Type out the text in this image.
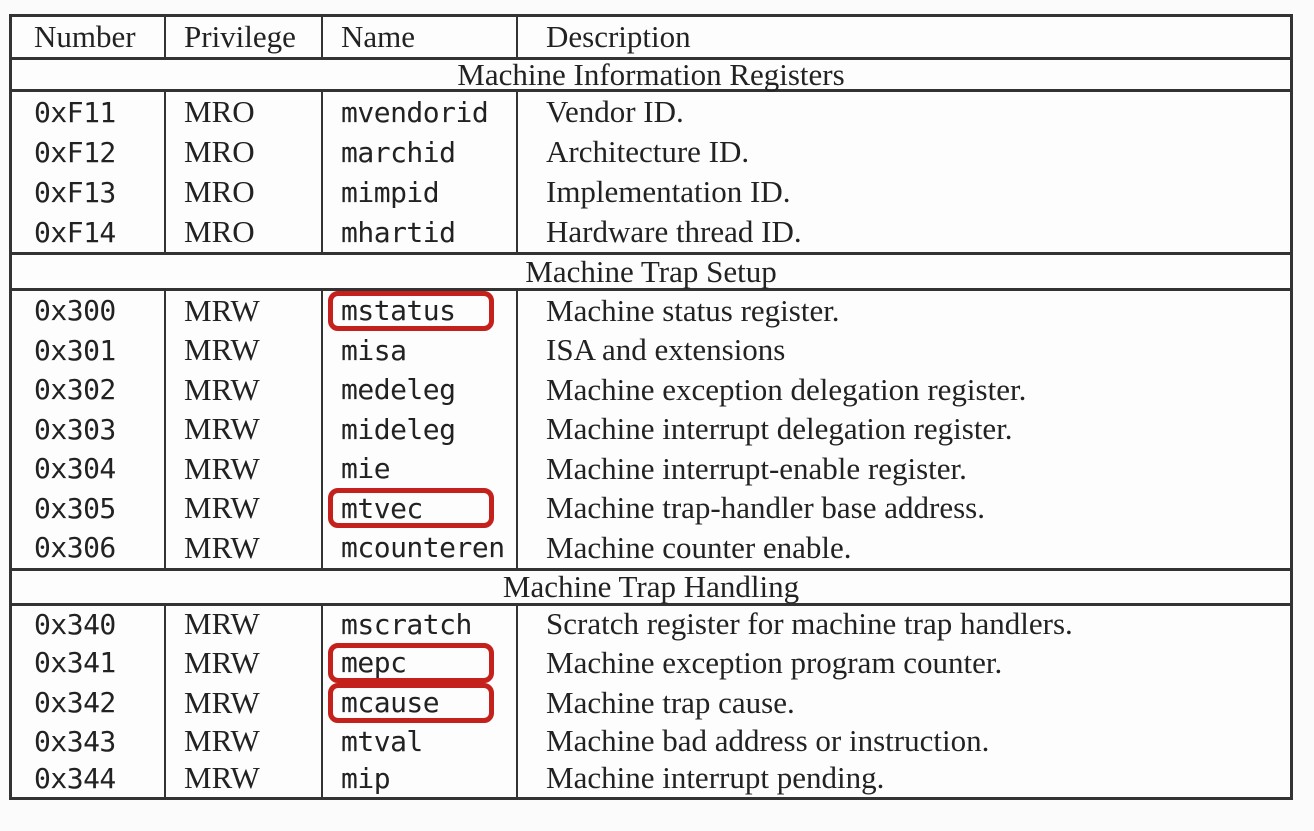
Number	Privilege	Name	Description
Machine Information Registers
0xF11	MRO	mvendorid	Vendor ID.
0xF12	MRO	marchid	Architecture ID.
0xF13	MRO	mimpid	Implementation ID.
0xF14	MRO	mhartid	Hardware thread ID.
Machine Trap Setup
0x300	MRW	mstatus	Machine status register.
0x301	MRW	misa	ISA and extensions
0x302	MRW	medeleg	Machine exception delegation register.
0x303	MRW	mideleg	Machine interrupt delegation register.
0x304	MRW	mie	Machine interrupt-enable register.
0x305	MRW	mtvec	Machine trap-handler base address.
0x306	MRW	mcounteren	Machine counter enable.
Machine Trap Handling
0x340	MRW	mscratch	Scratch register for machine trap handlers.
0x341	MRW	mepc	Machine exception program counter.
0x342	MRW	mcause	Machine trap cause.
0x343	MRW	mtval	Machine bad address or instruction.
0x344	MRW	mip	Machine interrupt pending.
